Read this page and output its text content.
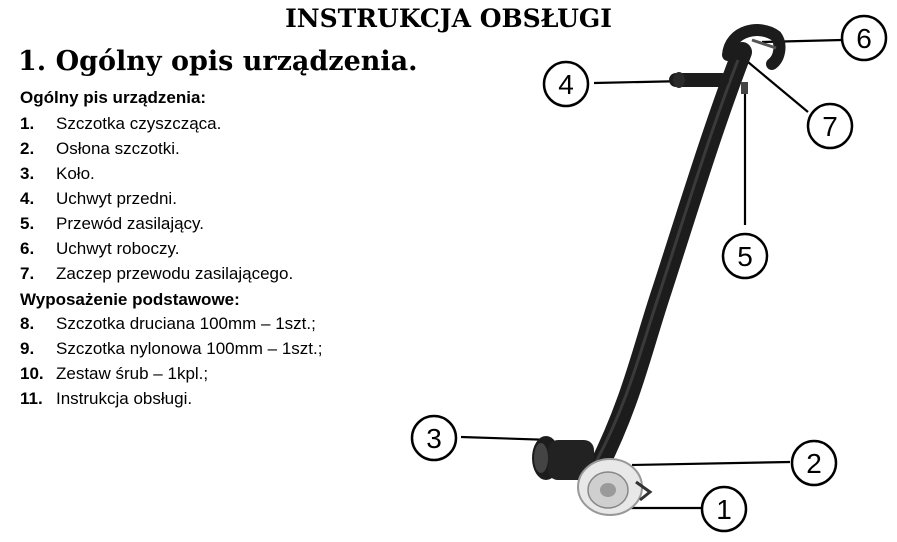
INSTRUKCJA OBSŁUGI
1. Ogólny opis urządzenia.

Ogólny pis urządzenia:

1. Szczotka czyszcząca.
2. Osłona szczotki.
3. Koło.
4. Uchwyt przedni.
5. Przewód zasilający.
6. Uchwyt roboczy.
7. Zaczep przewodu zasilającego.

Wyposażenie podstawowe:

8. Szczotka druciana 100mm – 1szt.;
9. Szczotka nylonowa 100mm – 1szt.;
10. Zestaw śrub – 1kpl.;
11. Instrukcja obsługi.
6
4
7
5
3
2
1
